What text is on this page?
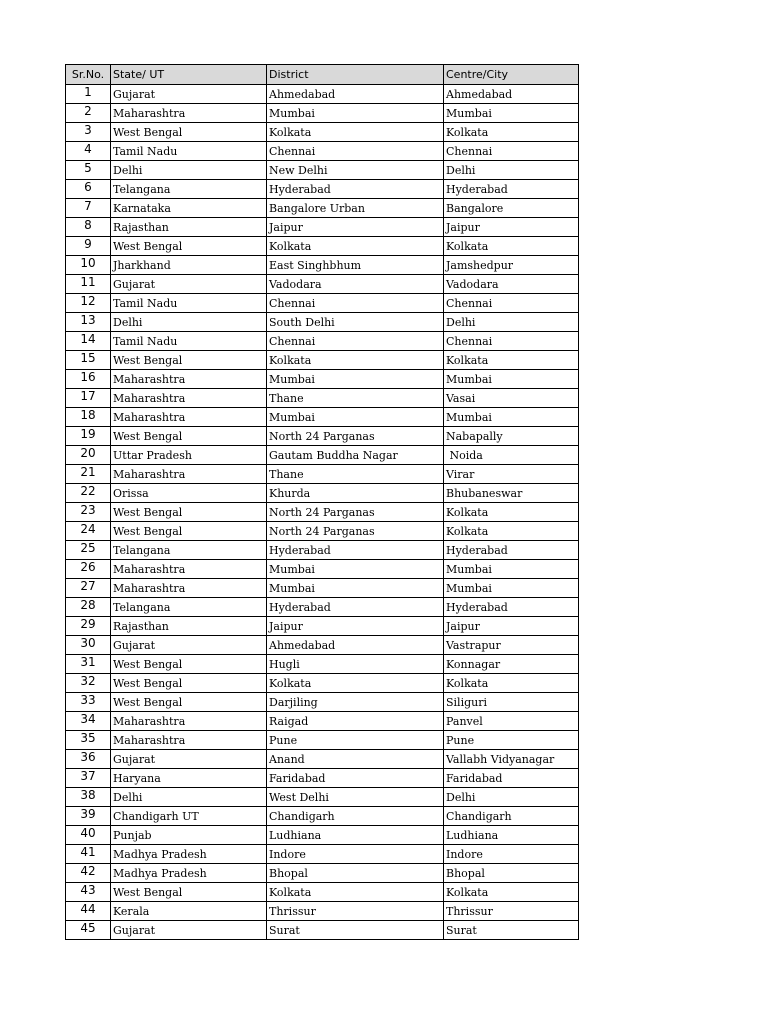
Sr.No.	State/ UT	District	Centre/City
1	Gujarat	Ahmedabad	Ahmedabad
2	Maharashtra	Mumbai	Mumbai
3	West Bengal	Kolkata	Kolkata
4	Tamil Nadu	Chennai	Chennai
5	Delhi	New Delhi	Delhi
6	Telangana	Hyderabad	Hyderabad
7	Karnataka	Bangalore Urban	Bangalore
8	Rajasthan	Jaipur	Jaipur
9	West Bengal	Kolkata	Kolkata
10	Jharkhand	East Singhbhum	Jamshedpur
11	Gujarat	Vadodara	Vadodara
12	Tamil Nadu	Chennai	Chennai
13	Delhi	South Delhi	Delhi
14	Tamil Nadu	Chennai	Chennai
15	West Bengal	Kolkata	Kolkata
16	Maharashtra	Mumbai	Mumbai
17	Maharashtra	Thane	Vasai
18	Maharashtra	Mumbai	Mumbai
19	West Bengal	North 24 Parganas	Nabapally
20	Uttar Pradesh	Gautam Buddha Nagar	Noida
21	Maharashtra	Thane	Virar
22	Orissa	Khurda	Bhubaneswar
23	West Bengal	North 24 Parganas	Kolkata
24	West Bengal	North 24 Parganas	Kolkata
25	Telangana	Hyderabad	Hyderabad
26	Maharashtra	Mumbai	Mumbai
27	Maharashtra	Mumbai	Mumbai
28	Telangana	Hyderabad	Hyderabad
29	Rajasthan	Jaipur	Jaipur
30	Gujarat	Ahmedabad	Vastrapur
31	West Bengal	Hugli	Konnagar
32	West Bengal	Kolkata	Kolkata
33	West Bengal	Darjiling	Siliguri
34	Maharashtra	Raigad	Panvel
35	Maharashtra	Pune	Pune
36	Gujarat	Anand	Vallabh Vidyanagar
37	Haryana	Faridabad	Faridabad
38	Delhi	West Delhi	Delhi
39	Chandigarh UT	Chandigarh	Chandigarh
40	Punjab	Ludhiana	Ludhiana
41	Madhya Pradesh	Indore	Indore
42	Madhya Pradesh	Bhopal	Bhopal
43	West Bengal	Kolkata	Kolkata
44	Kerala	Thrissur	Thrissur
45	Gujarat	Surat	Surat
